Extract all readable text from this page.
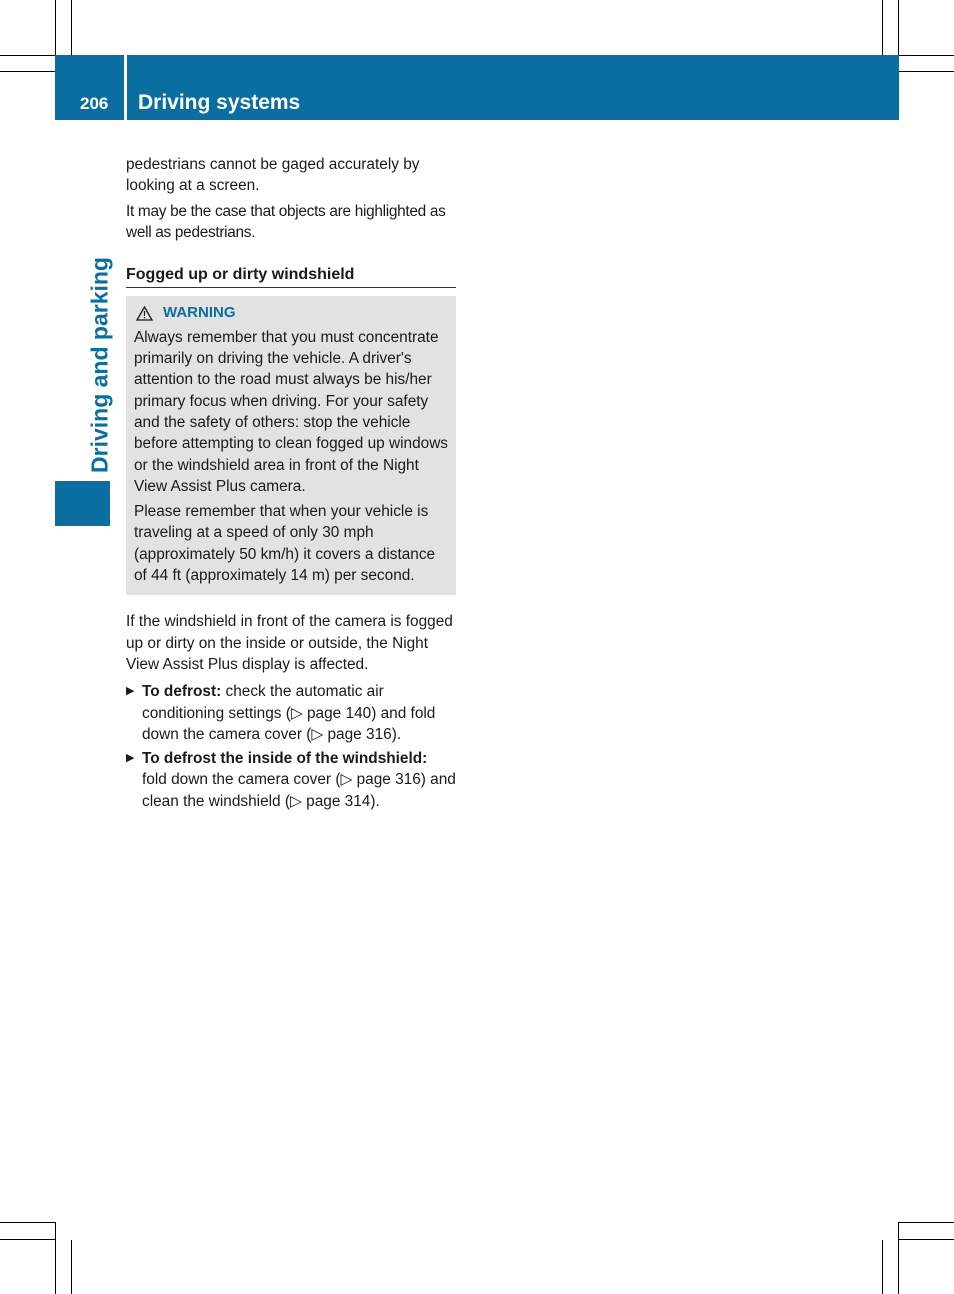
206 Driving systems
Driving and parking

pedestrians cannot be gaged accurately by looking at a screen.

It may be the case that objects are highlighted as well as pedestrians.

Fogged up or dirty windshield
WARNING

Always remember that you must concentrate primarily on driving the vehicle. A driver's attention to the road must always be his/her primary focus when driving. For your safety and the safety of others: stop the vehicle before attempting to clean fogged up windows or the windshield area in front of the Night View Assist Plus camera.

Please remember that when your vehicle is traveling at a speed of only 30 mph (approximately 50 km/h) it covers a distance of 44 ft (approximately 14 m) per second.

If the windshield in front of the camera is fogged up or dirty on the inside or outside, the Night View Assist Plus display is affected.

▶ To defrost: check the automatic air conditioning settings (▷ page 140) and fold down the camera cover (▷ page 316).
▶ To defrost the inside of the windshield: fold down the camera cover (▷ page 316) and clean the windshield (▷ page 314).
